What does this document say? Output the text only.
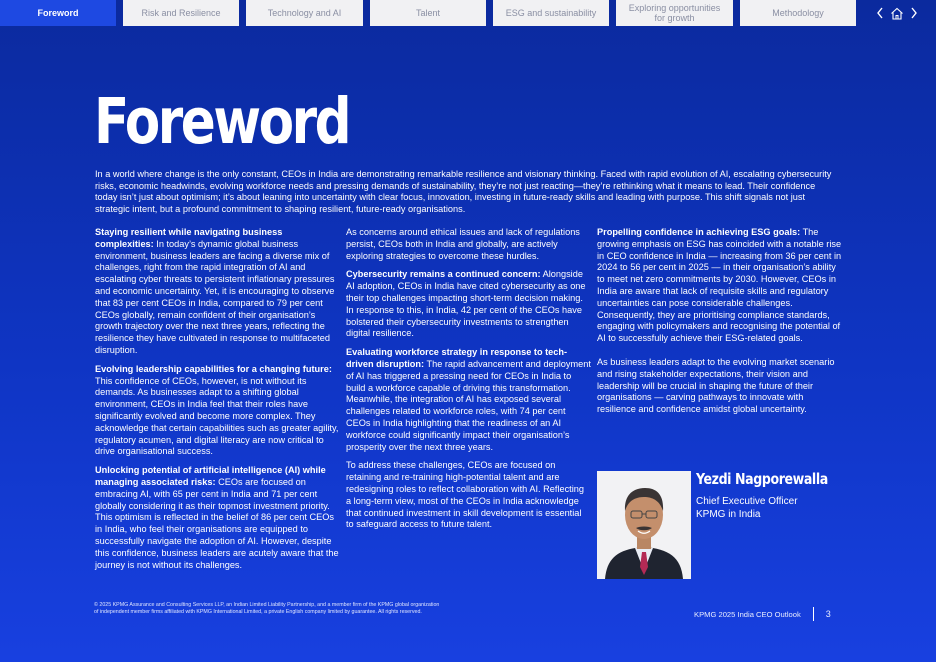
Foreword	Risk and Resilience	Technology and AI	Talent	ESG and sustainability	Exploring opportunities for growth	Methodology
Foreword

In a world where change is the only constant, CEOs in India are demonstrating remarkable resilience and visionary thinking. Faced with rapid evolution of AI, escalating cybersecurity risks, economic headwinds, evolving workforce needs and pressing demands of sustainability, they’re not just reacting—they’re rethinking what it means to lead. Their confidence today isn’t just about optimism; it’s about leaning into uncertainty with clear focus, innovation, investing in future-ready skills and leading with purpose. This shift signals not just strategic intent, but a profound commitment to shaping resilient, future-ready organisations.

Staying resilient while navigating business complexities: In today’s dynamic global business environment, business leaders are facing a diverse mix of challenges, right from the rapid integration of AI and escalating cyber threats to persistent inflationary pressures and economic uncertainty. Yet, it is encouraging to observe that 83 per cent CEOs in India, compared to 79 per cent CEOs globally, remain confident of their organisation’s growth trajectory over the next three years, reflecting the resilience they have cultivated in response to multifaceted disruption.

Evolving leadership capabilities for a changing future: This confidence of CEOs, however, is not without its demands. As businesses adapt to a shifting global environment, CEOs in India feel that their roles have significantly evolved and become more complex. They acknowledge that certain capabilities such as greater agility, regulatory acumen, and digital literacy are now critical to drive organisational success.

Unlocking potential of artificial intelligence (AI) while managing associated risks: CEOs are focused on embracing AI, with 65 per cent in India and 71 per cent globally considering it as their topmost investment priority. This optimism is reflected in the belief of 86 per cent CEOs in India, who feel their organisations are equipped to successfully navigate the adoption of AI. However, despite this confidence, business leaders are acutely aware that the journey is not without its challenges.

As concerns around ethical issues and lack of regulations persist, CEOs both in India and globally, are actively exploring strategies to overcome these hurdles.

Cybersecurity remains a continued concern: Alongside AI adoption, CEOs in India have cited cybersecurity as one their top challenges impacting short-term decision making. In response to this, in India, 42 per cent of the CEOs have bolstered their cybersecurity investments to strengthen digital resilience.

Evaluating workforce strategy in response to tech-driven disruption: The rapid advancement and deployment of AI has triggered a pressing need for CEOs in India to build a workforce capable of driving this transformation. Meanwhile, the integration of AI has exposed several challenges related to workforce roles, with 74 per cent CEOs in India highlighting that the readiness of an AI workforce could significantly impact their organisation’s prosperity over the next three years.

To address these challenges, CEOs are focused on retaining and re-training high-potential talent and are redesigning roles to reflect collaboration with AI. Reflecting a long-term view, most of the CEOs in India acknowledge that continued investment in skill development is essential to safeguard access to future talent.

Propelling confidence in achieving ESG goals: The growing emphasis on ESG has coincided with a notable rise in CEO confidence in India — increasing from 36 per cent in 2024 to 56 per cent in 2025 — in their organisation’s ability to meet net zero commitments by 2030. However, CEOs in India are aware that lack of requisite skills and regulatory uncertainties can pose considerable challenges. Consequently, they are prioritising compliance standards, engaging with policymakers and recognising the potential of AI to successfully achieve their ESG-related goals.

As business leaders adapt to the evolving market scenario and rising stakeholder expectations, their vision and leadership will be crucial in shaping the future of their organisations — carving pathways to innovate with resilience and confidence amidst global uncertainty.

Yezdi Nagporewalla
Chief Executive Officer
KPMG in India
© 2025 KPMG Assurance and Consulting Services LLP, an Indian Limited Liability Partnership, and a member firm of the KPMG global organization
of independent member firms affiliated with KPMG International Limited, a private English company limited by guarantee. All rights reserved.	KPMG 2025 India CEO Outlook	3
